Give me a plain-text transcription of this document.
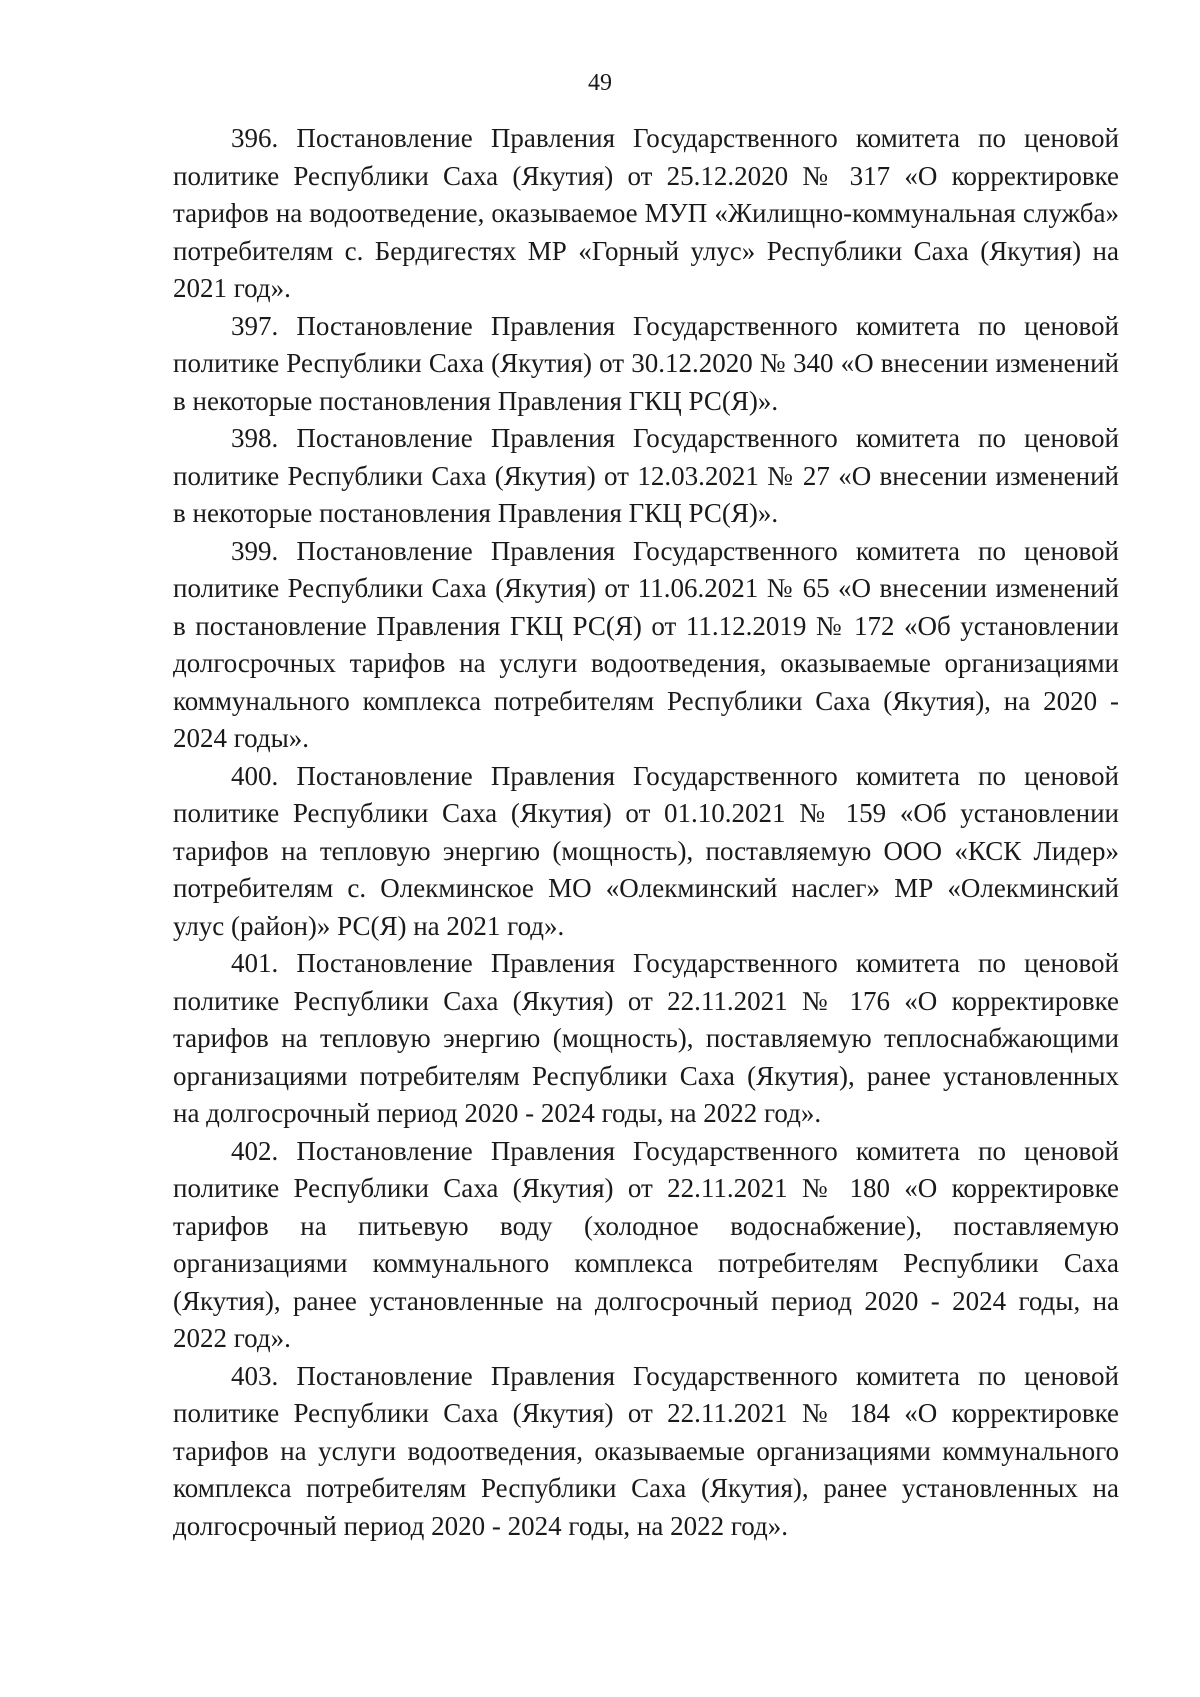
49

396. Постановление Правления Государственного комитета по ценовой политике Республики Саха (Якутия) от 25.12.2020 № 317 «О корректировке тарифов на водоотведение, оказываемое МУП «Жилищно-коммунальная служба» потребителям с. Бердигестях МР «Горный улус» Республики Саха (Якутия) на 2021 год».

397. Постановление Правления Государственного комитета по ценовой политике Республики Саха (Якутия) от 30.12.2020 № 340 «О внесении изменений в некоторые постановления Правления ГКЦ РС(Я)».

398. Постановление Правления Государственного комитета по ценовой политике Республики Саха (Якутия) от 12.03.2021 № 27 «О внесении изменений в некоторые постановления Правления ГКЦ РС(Я)».

399. Постановление Правления Государственного комитета по ценовой политике Республики Саха (Якутия) от 11.06.2021 № 65 «О внесении изменений в постановление Правления ГКЦ РС(Я) от 11.12.2019 № 172 «Об установлении долгосрочных тарифов на услуги водоотведения, оказываемые организациями коммунального комплекса потребителям Республики Саха (Якутия), на 2020 - 2024 годы».

400. Постановление Правления Государственного комитета по ценовой политике Республики Саха (Якутия) от 01.10.2021 № 159 «Об установлении тарифов на тепловую энергию (мощность), поставляемую ООО «КСК Лидер» потребителям с. Олекминское МО «Олекминский наслег» МР «Олекминский улус (район)» РС(Я) на 2021 год».

401. Постановление Правления Государственного комитета по ценовой политике Республики Саха (Якутия) от 22.11.2021 № 176 «О корректировке тарифов на тепловую энергию (мощность), поставляемую теплоснабжающими организациями потребителям Республики Саха (Якутия), ранее установленных на долгосрочный период 2020 - 2024 годы, на 2022 год».

402. Постановление Правления Государственного комитета по ценовой политике Республики Саха (Якутия) от 22.11.2021 № 180 «О корректировке тарифов на питьевую воду (холодное водоснабжение), поставляемую организациями коммунального комплекса потребителям Республики Саха (Якутия), ранее установленные на долгосрочный период 2020 - 2024 годы, на 2022 год».

403. Постановление Правления Государственного комитета по ценовой политике Республики Саха (Якутия) от 22.11.2021 № 184 «О корректировке тарифов на услуги водоотведения, оказываемые организациями коммунального комплекса потребителям Республики Саха (Якутия), ранее установленных на долгосрочный период 2020 - 2024 годы, на 2022 год».
